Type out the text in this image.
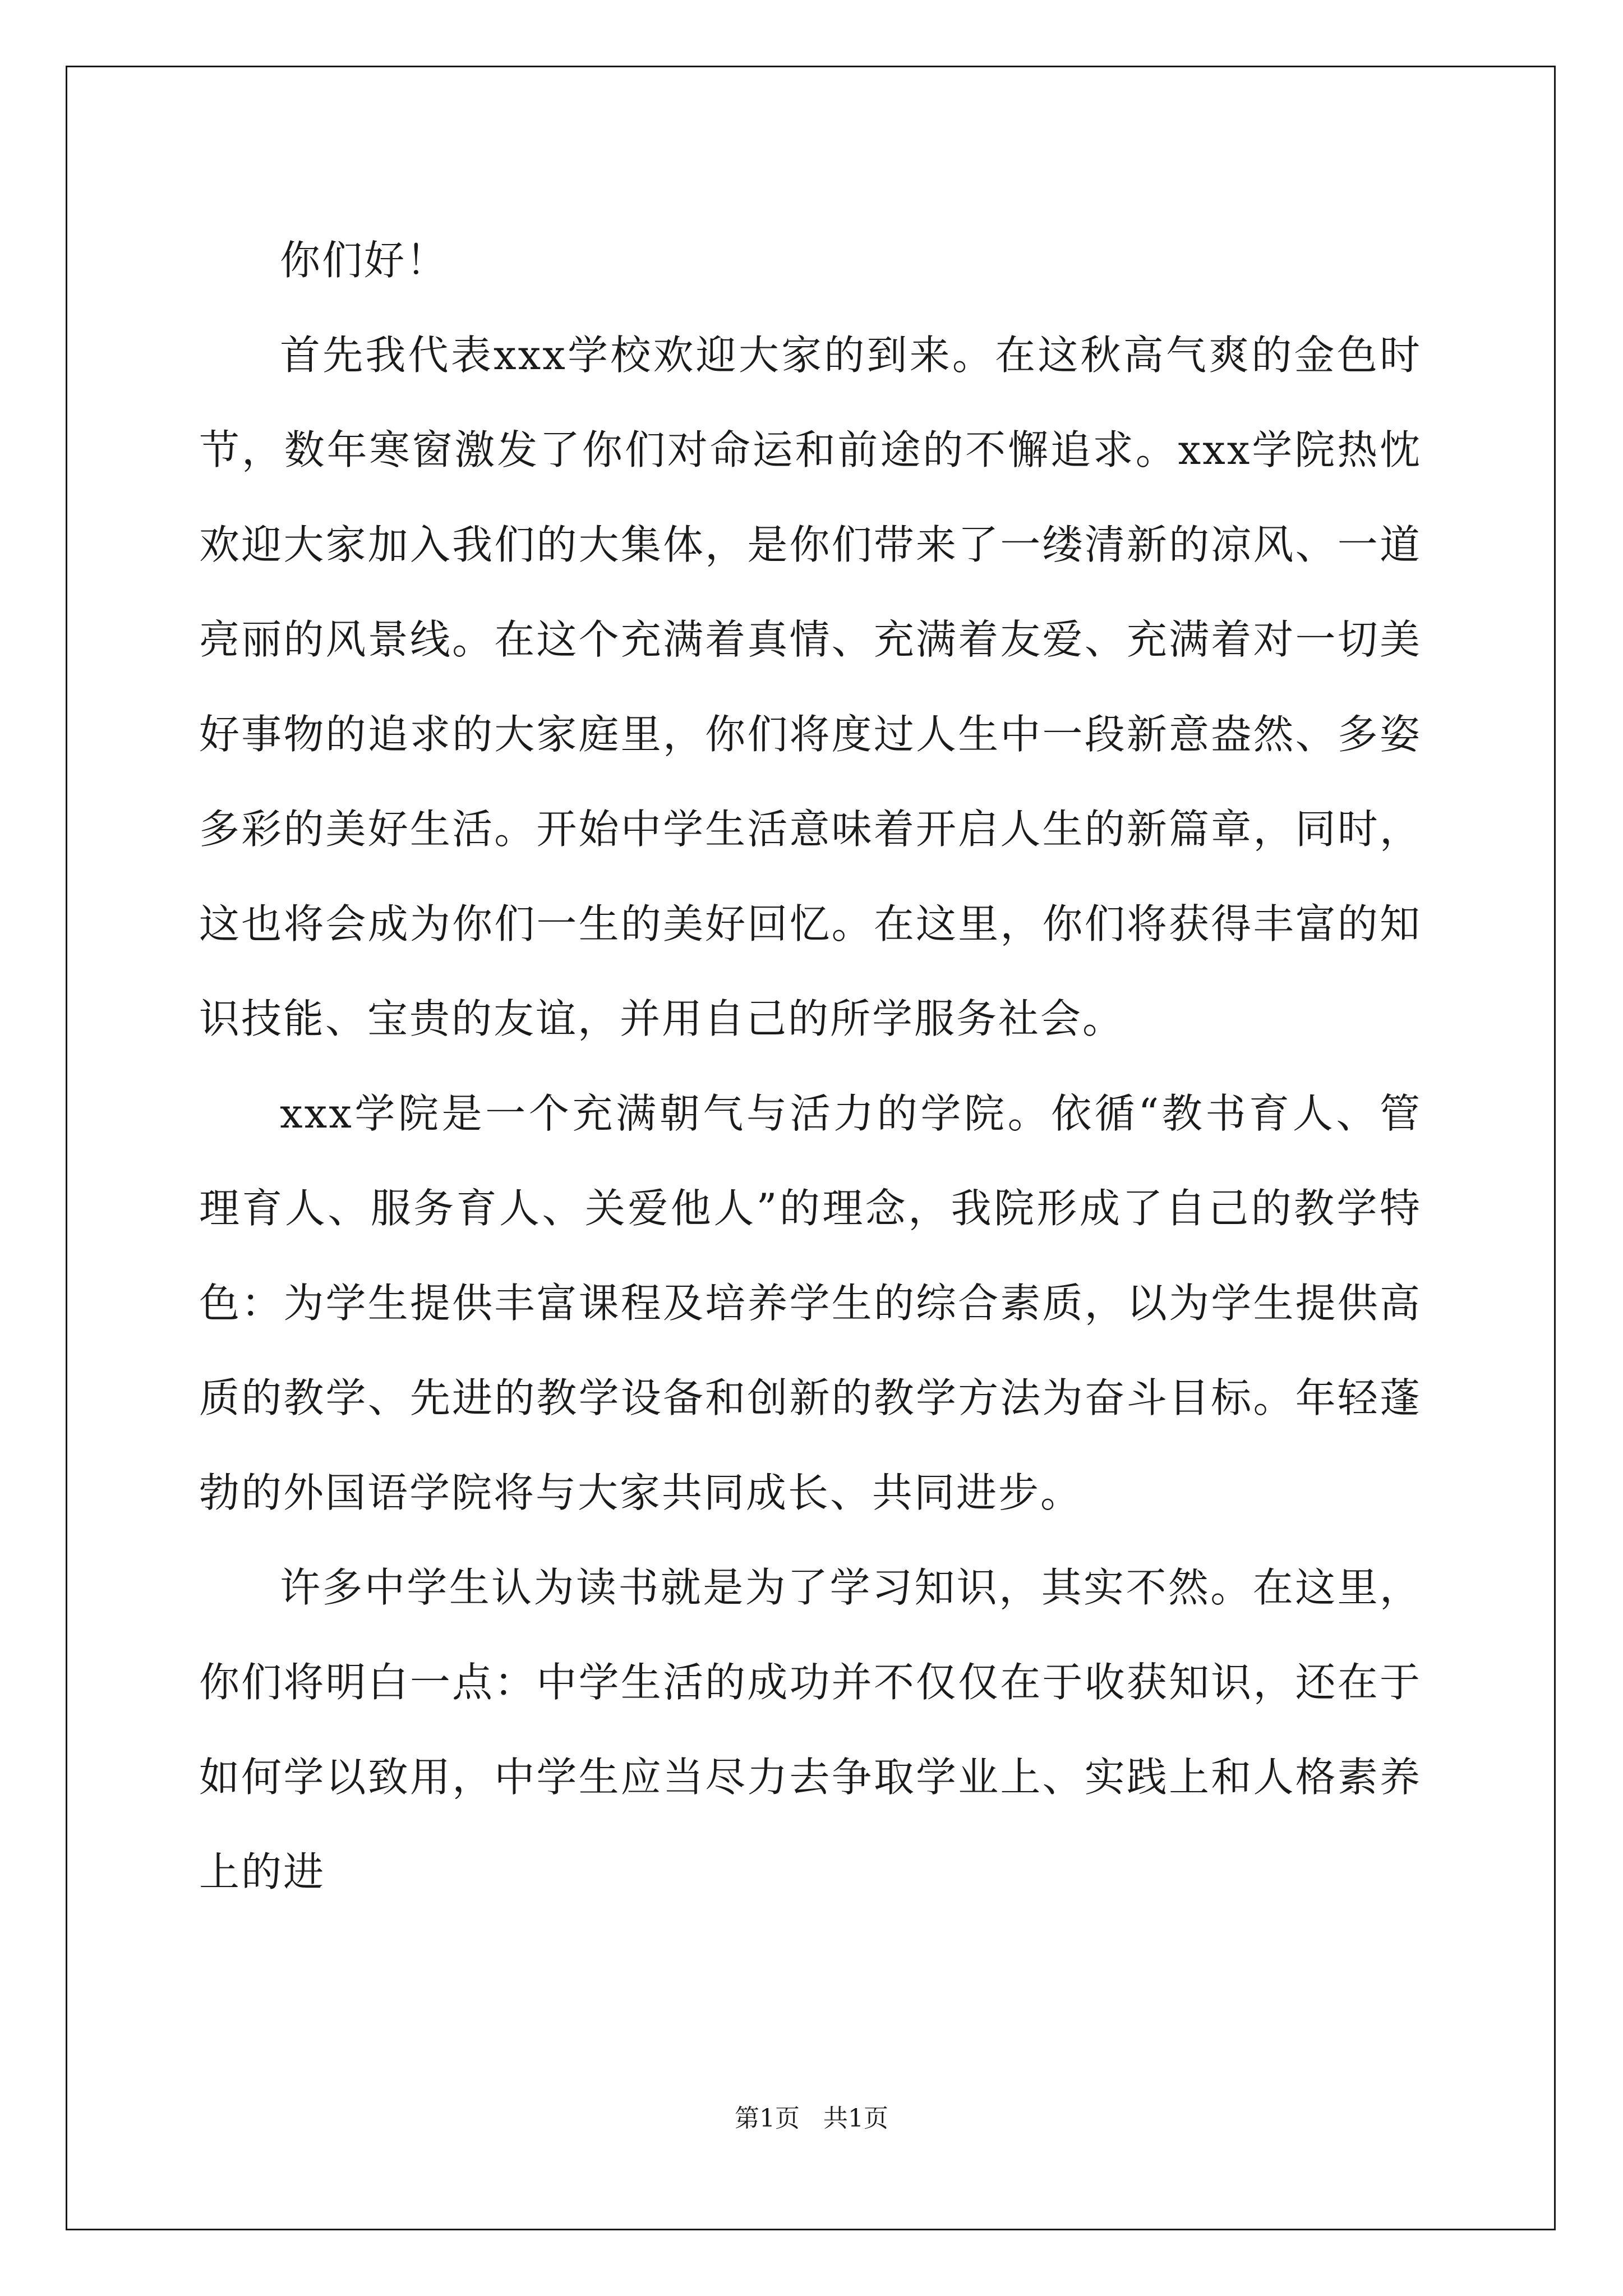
你们好！

首先我代表xxx学校欢迎大家的到来。在这秋高气爽的金色时节，数年寒窗激发了你们对命运和前途的不懈追求。xxx学院热忱欢迎大家加入我们的大集体，是你们带来了一缕清新的凉风、一道亮丽的风景线。在这个充满着真情、充满着友爱、充满着对一切美好事物的追求的大家庭里，你们将度过人生中一段新意盎然、多姿多彩的美好生活。开始中学生活意味着开启人生的新篇章，同时，这也将会成为你们一生的美好回忆。在这里，你们将获得丰富的知识技能、宝贵的友谊，并用自己的所学服务社会。

xxx学院是一个充满朝气与活力的学院。依循“教书育人、管理育人、服务育人、关爱他人”的理念，我院形成了自己的教学特色：为学生提供丰富课程及培养学生的综合素质，以为学生提供高质的教学、先进的教学设备和创新的教学方法为奋斗目标。年轻蓬勃的外国语学院将与大家共同成长、共同进步。

许多中学生认为读书就是为了学习知识，其实不然。在这里，你们将明白一点：中学生活的成功并不仅仅在于收获知识，还在于如何学以致用，中学生应当尽力去争取学业上、实践上和人格素养上的进

第1页 共1页
